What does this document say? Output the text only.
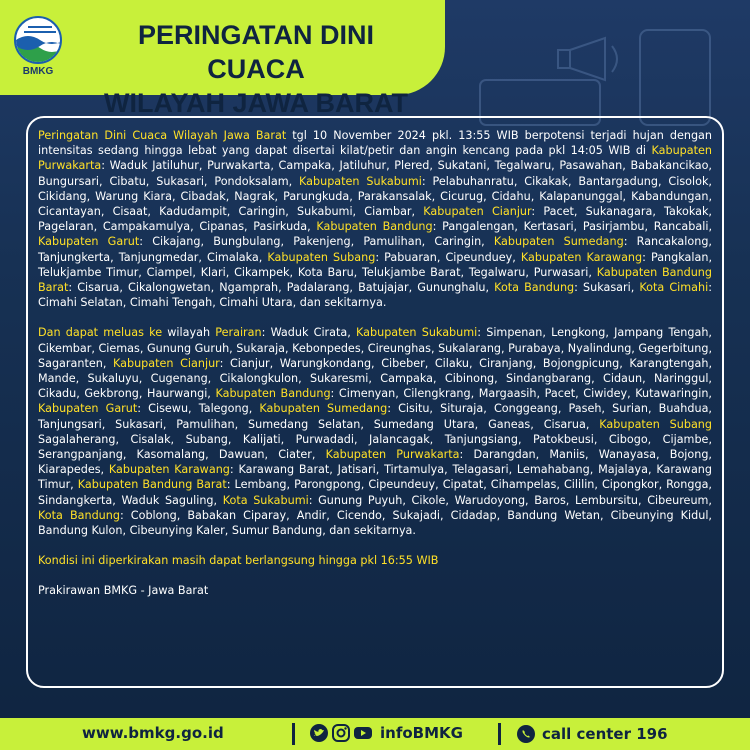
BMKG
PERINGATAN DINI CUACA
WILAYAH JAWA BARAT

Peringatan Dini Cuaca Wilayah Jawa Barat tgl 10 November 2024 pkl. 13:55 WIB berpotensi terjadi hujan dengan intensitas sedang hingga lebat yang dapat disertai kilat/petir dan angin kencang pada pkl 14:05 WIB di Kabupaten Purwakarta: Waduk Jatiluhur, Purwakarta, Campaka, Jatiluhur, Plered, Sukatani, Tegalwaru, Pasawahan, Babakancikao, Bungursari, Cibatu, Sukasari, Pondoksalam, Kabupaten Sukabumi: Pelabuhanratu, Cikakak, Bantargadung, Cisolok, Cikidang, Warung Kiara, Cibadak, Nagrak, Parungkuda, Parakansalak, Cicurug, Cidahu, Kalapanunggal, Kabandungan, Cicantayan, Cisaat, Kadudampit, Caringin, Sukabumi, Ciambar, Kabupaten Cianjur: Pacet, Sukanagara, Takokak, Pagelaran, Campakamulya, Cipanas, Pasirkuda, Kabupaten Bandung: Pangalengan, Kertasari, Pasirjambu, Rancabali, Kabupaten Garut: Cikajang, Bungbulang, Pakenjeng, Pamulihan, Caringin, Kabupaten Sumedang: Rancakalong, Tanjungkerta, Tanjungmedar, Cimalaka, Kabupaten Subang: Pabuaran, Cipeunduey, Kabupaten Karawang: Pangkalan, Telukjambe Timur, Ciampel, Klari, Cikampek, Kota Baru, Telukjambe Barat, Tegalwaru, Purwasari, Kabupaten Bandung Barat: Cisarua, Cikalongwetan, Ngamprah, Padalarang, Batujajar, Gununghalu, Kota Bandung: Sukasari, Kota Cimahi: Cimahi Selatan, Cimahi Tengah, Cimahi Utara, dan sekitarnya.

Dan dapat meluas ke wilayah Perairan: Waduk Cirata, Kabupaten Sukabumi: Simpenan, Lengkong, Jampang Tengah, Cikembar, Ciemas, Gunung Guruh, Sukaraja, Kebonpedes, Cireunghas, Sukalarang, Purabaya, Nyalindung, Gegerbitung, Sagaranten, Kabupaten Cianjur: Cianjur, Warungkondang, Cibeber, Cilaku, Ciranjang, Bojongpicung, Karangtengah, Mande, Sukaluyu, Cugenang, Cikalongkulon, Sukaresmi, Campaka, Cibinong, Sindangbarang, Cidaun, Naringgul, Cikadu, Gekbrong, Haurwangi, Kabupaten Bandung: Cimenyan, Cilengkrang, Margaasih, Pacet, Ciwidey, Kutawaringin, Kabupaten Garut: Cisewu, Talegong, Kabupaten Sumedang: Cisitu, Situraja, Conggeang, Paseh, Surian, Buahdua, Tanjungsari, Sukasari, Pamulihan, Sumedang Selatan, Sumedang Utara, Ganeas, Cisarua, Kabupaten Subang Sagalaherang, Cisalak, Subang, Kalijati, Purwadadi, Jalancagak, Tanjungsiang, Patokbeusi, Cibogo, Cijambe, Serangpanjang, Kasomalang, Dawuan, Ciater, Kabupaten Purwakarta: Darangdan, Maniis, Wanayasa, Bojong, Kiarapedes, Kabupaten Karawang: Karawang Barat, Jatisari, Tirtamulya, Telagasari, Lemahabang, Majalaya, Karawang Timur, Kabupaten Bandung Barat: Lembang, Parongpong, Cipeundeuy, Cipatat, Cihampelas, Cililin, Cipongkor, Rongga, Sindangkerta, Waduk Saguling, Kota Sukabumi: Gunung Puyuh, Cikole, Warudoyong, Baros, Lembursitu, Cibeureum, Kota Bandung: Coblong, Babakan Ciparay, Andir, Cicendo, Sukajadi, Cidadap, Bandung Wetan, Cibeunying Kidul, Bandung Kulon, Cibeunying Kaler, Sumur Bandung, dan sekitarnya.

Kondisi ini diperkirakan masih dapat berlangsung hingga pkl 16:55 WIB

Prakirawan BMKG - Jawa Barat

www.bmkg.go.id	infoBMKG	call center 196
